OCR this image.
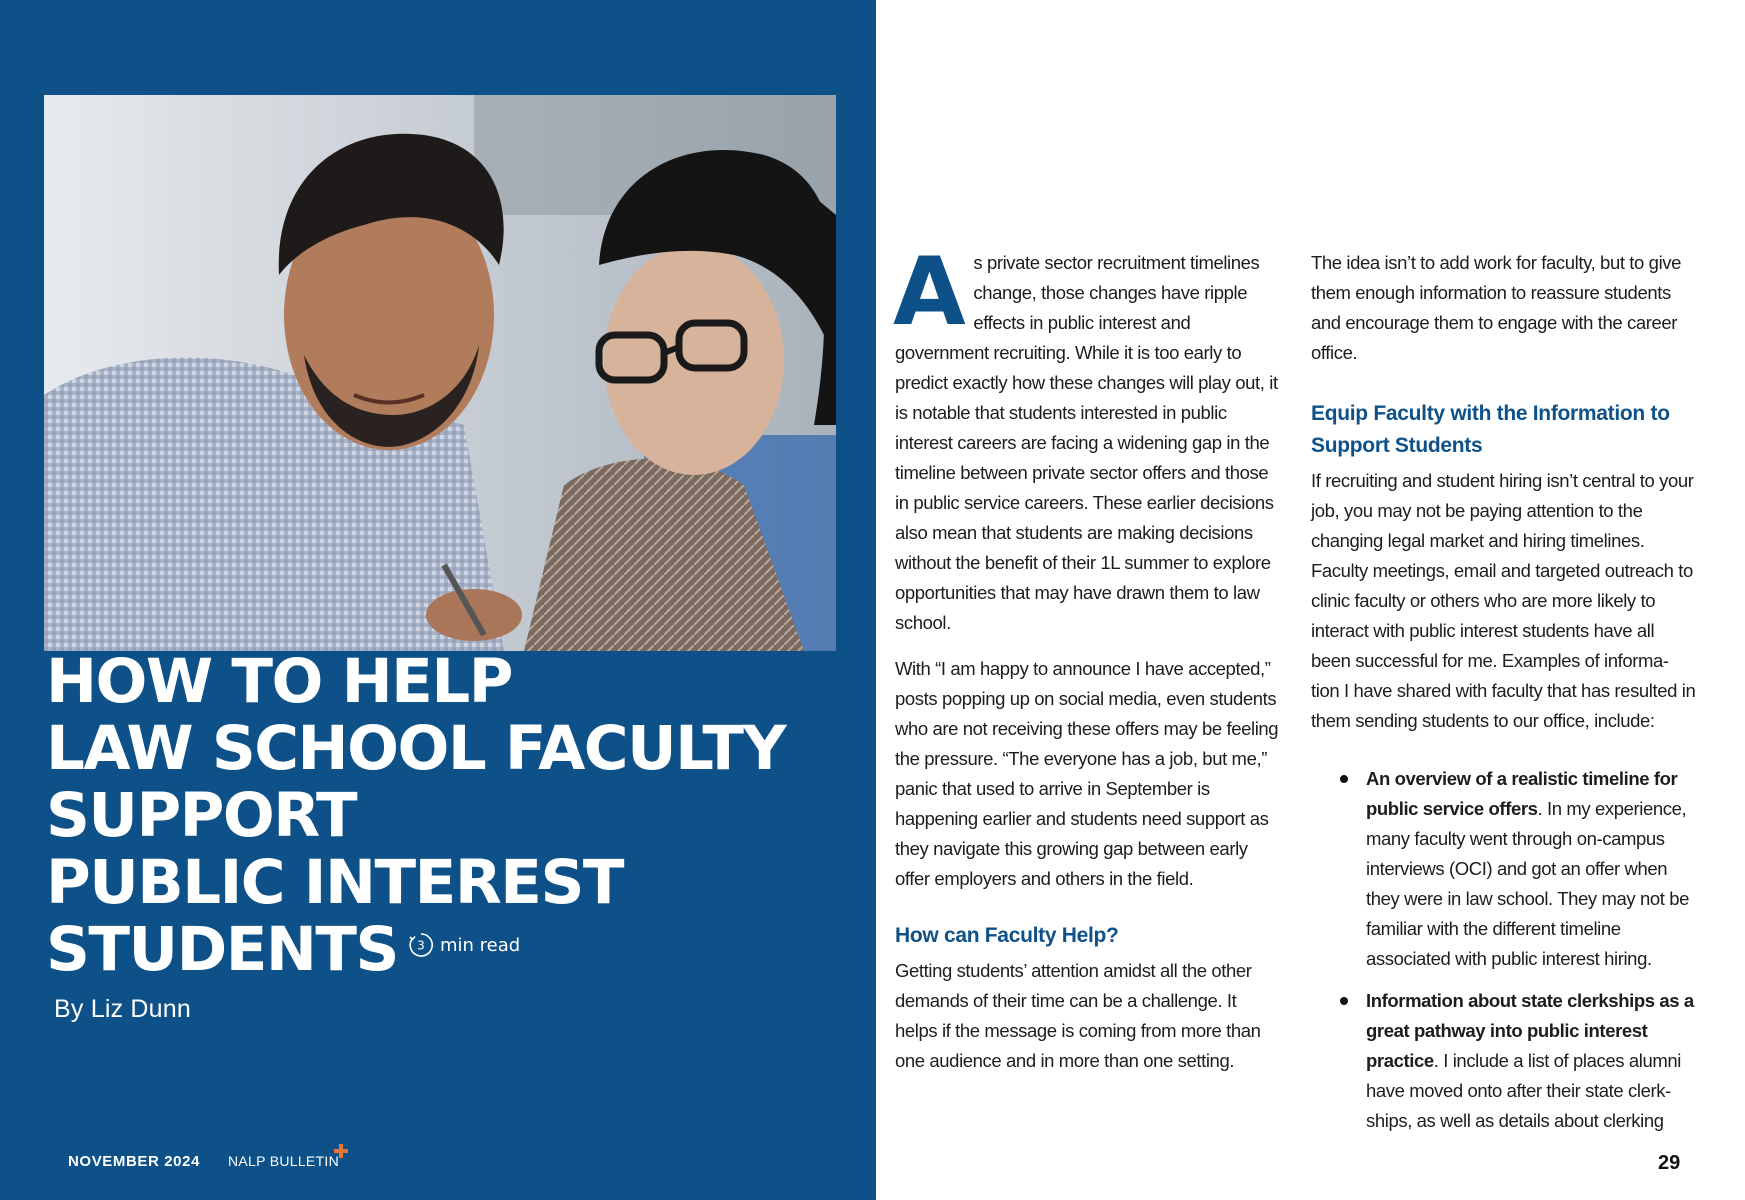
HOW TO HELP
LAW SCHOOL FACULTY
SUPPORT
PUBLIC INTEREST
STUDENTS 3 min read
By Liz Dunn
NOVEMBER 2024 NALP BULLETIN

As private sector recruitment timelines change, those changes have ripple effects in public interest and government recruiting. While it is too early to predict exactly how these changes will play out, it is notable that students interested in public interest careers are facing a widening gap in the timeline between private sector offers and those in public service careers. These earlier decisions also mean that students are making decisions without the benefit of their 1L summer to explore opportunities that may have drawn them to law school.

With “I am happy to announce I have accepted,” posts popping up on social media, even students who are not receiving these offers may be feeling the pressure. “The everyone has a job, but me,” panic that used to arrive in September is happening earlier and students need support as they navigate this growing gap between early offer employers and others in the field.

How can Faculty Help?

Getting students’ attention amidst all the other demands of their time can be a challenge. It helps if the message is coming from more than one audience and in more than one setting.

The idea isn’t to add work for faculty, but to give them enough information to reassure students and encourage them to engage with the career office.

Equip Faculty with the Information to Support Students

If recruiting and student hiring isn’t central to your job, you may not be paying attention to the changing legal market and hiring timelines. Faculty meetings, email and targeted outreach to clinic faculty or others who are more likely to interact with public interest students have all been successful for me. Examples of informa-tion I have shared with faculty that has resulted in them sending students to our office, include:

An overview of a realistic timeline for public service offers. In my experience, many faculty went through on-campus interviews (OCI) and got an offer when they were in law school. They may not be familiar with the different timeline associated with public interest hiring.
Information about state clerkships as a great pathway into public interest practice. I include a list of places alumni have moved onto after their state clerk-ships, as well as details about clerking
29
